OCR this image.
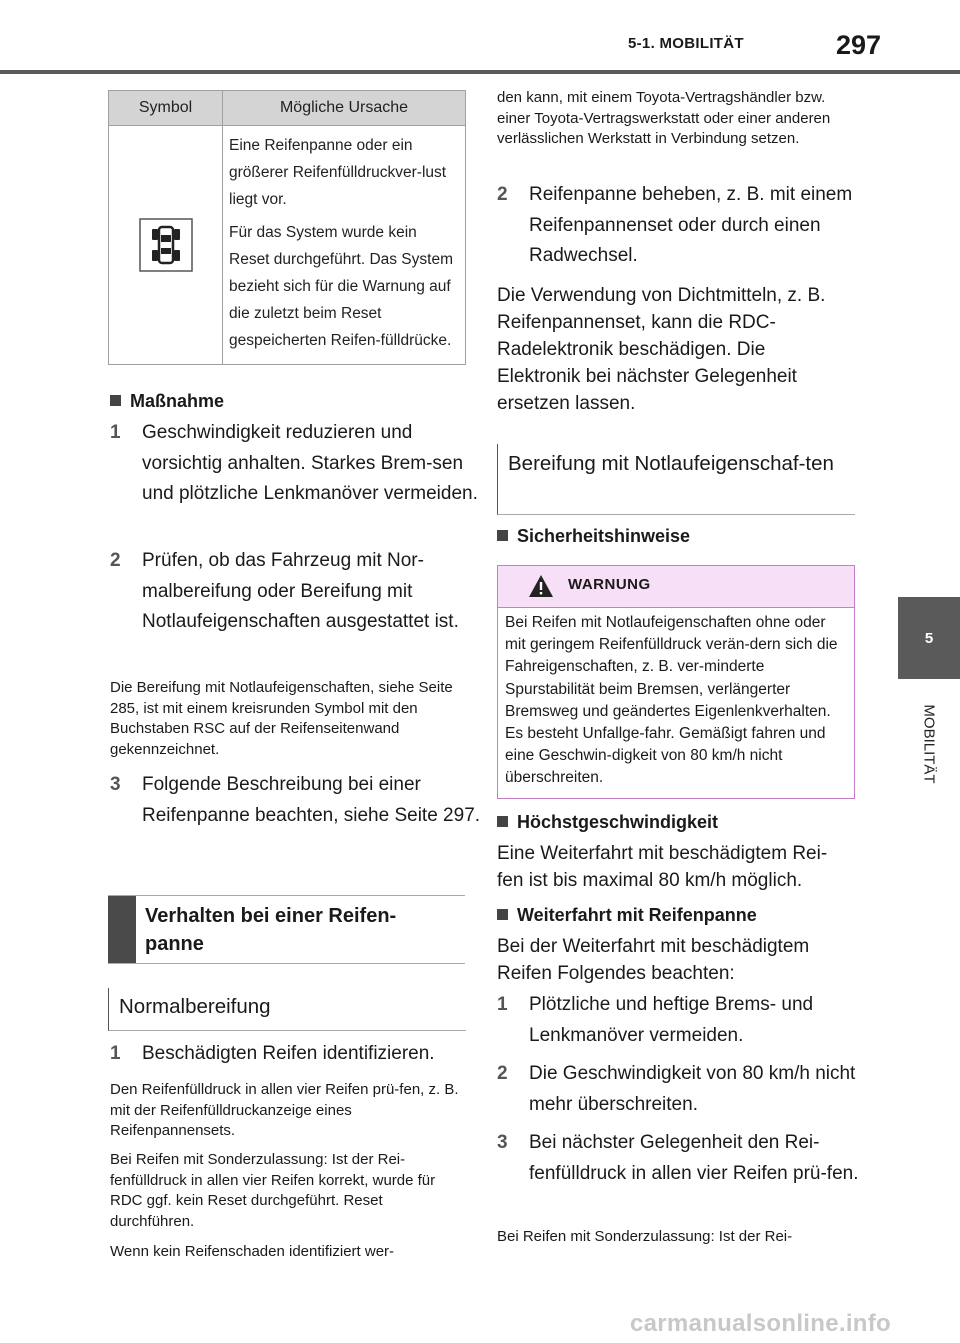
5-1. MOBILITÄT	297
5
MOBILITÄT
Symbol	Mögliche Ursache

Eine Reifenpanne oder ein größerer Reifenfülldruckver-lust liegt vor.

Für das System wurde kein Reset durchgeführt. Das System bezieht sich für die Warnung auf die zuletzt beim Reset gespeicherten Reifen-fülldrücke.

Maßnahme
1 Geschwindigkeit reduzieren und vorsichtig anhalten. Starkes Brem-sen und plötzliche Lenkmanöver vermeiden.
2 Prüfen, ob das Fahrzeug mit Nor-malbereifung oder Bereifung mit Notlaufeigenschaften ausgestattet ist.
Die Bereifung mit Notlaufeigenschaften, siehe Seite 285, ist mit einem kreisrunden Symbol mit den Buchstaben RSC auf der Reifenseitenwand gekennzeichnet.
3 Folgende Beschreibung bei einer Reifenpanne beachten, siehe Seite 297.
Verhalten bei einer Reifen-panne
Normalbereifung
1 Beschädigten Reifen identifizieren.
Den Reifenfülldruck in allen vier Reifen prü-fen, z. B. mit der Reifenfülldruckanzeige eines Reifenpannensets.
Bei Reifen mit Sonderzulassung: Ist der Rei-fenfülldruck in allen vier Reifen korrekt, wurde für RDC ggf. kein Reset durchgeführt. Reset durchführen.
Wenn kein Reifenschaden identifiziert wer-
den kann, mit einem Toyota-Vertragshändler bzw. einer Toyota-Vertragswerkstatt oder einer anderen verlässlichen Werkstatt in Verbindung setzen.
2 Reifenpanne beheben, z. B. mit einem Reifenpannenset oder durch einen Radwechsel.
Die Verwendung von Dichtmitteln, z. B. Reifenpannenset, kann die RDC-Radelektronik beschädigen. Die Elektronik bei nächster Gelegenheit ersetzen lassen.
Bereifung mit Notlaufeigenschaf-ten
Sicherheitshinweise
WARNUNG
Bei Reifen mit Notlaufeigenschaften ohne oder mit geringem Reifenfülldruck verän-dern sich die Fahreigenschaften, z. B. ver-minderte Spurstabilität beim Bremsen, verlängerter Bremsweg und geändertes Eigenlenkverhalten. Es besteht Unfallge-fahr. Gemäßigt fahren und eine Geschwin-digkeit von 80 km/h nicht überschreiten.
Höchstgeschwindigkeit
Eine Weiterfahrt mit beschädigtem Rei-fen ist bis maximal 80 km/h möglich.
Weiterfahrt mit Reifenpanne
Bei der Weiterfahrt mit beschädigtem Reifen Folgendes beachten:
1 Plötzliche und heftige Brems- und Lenkmanöver vermeiden.
2 Die Geschwindigkeit von 80 km/h nicht mehr überschreiten.
3 Bei nächster Gelegenheit den Rei-fenfülldruck in allen vier Reifen prü-fen.
Bei Reifen mit Sonderzulassung: Ist der Rei-
carmanualsonline.info
